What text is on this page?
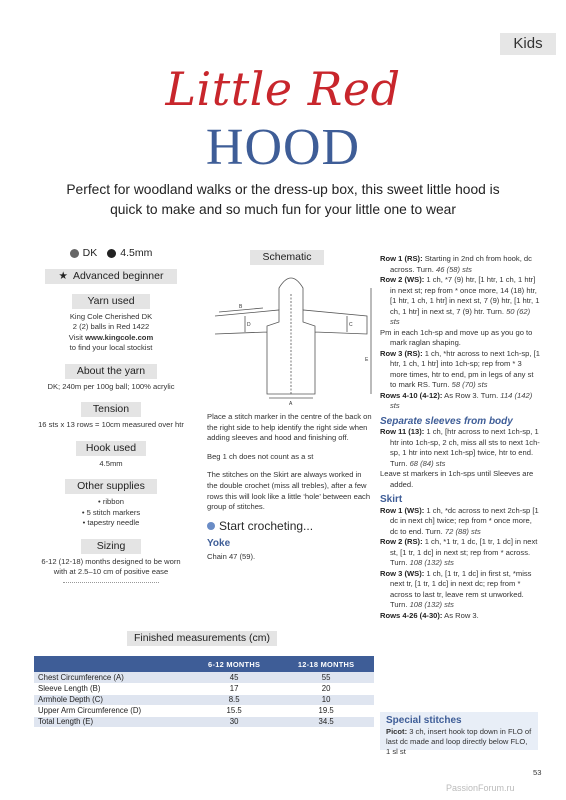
Kids
Little Red
HOOD
Perfect for woodland walks or the dress-up box, this sweet little hood is quick to make and so much fun for your little one to wear
DK 4.5mm
★ Advanced beginner
Yarn used

King Cole Cherished DK

2 (2) balls in Red 1422
Visit www.kingcole.com
to find your local stockist
About the yarn

DK; 240m per 100g ball; 100% acrylic

Tension

16 sts x 13 rows = 10cm measured over htr

Hook used

4.5mm

Other supplies

• ribbon

• 5 stitch markers
• tapestry needle
Sizing

6-12 (12-18) months designed to be worn with at 2.5–10 cm of positive ease

Schematic
A
B
C
D
E

Place a stitch marker in the centre of the back on the right side to help identify the right side when adding sleeves and hood and finishing off.

Beg 1 ch does not count as a st

The stitches on the Skirt are always worked in the double crochet (miss all trebles), after a few rows this will look like a little ‘hole’ between each group of stitches.

Start crocheting...
Yoke
Chain 47 (59).

Row 1 (RS): Starting in 2nd ch from hook, dc across. Turn. 46 (58) sts

Row 2 (WS): 1 ch, *7 (9) htr, [1 htr, 1 ch, 1 htr] in next st; rep from * once more, 14 (18) htr, [1 htr, 1 ch, 1 htr] in next st, 7 (9) htr, [1 htr, 1 ch, 1 htr] in next st, 7 (9) htr. Turn. 50 (62) sts

Pm in each 1ch-sp and move up as you go to mark raglan shaping.

Row 3 (RS): 1 ch, *htr across to next 1ch-sp, [1 htr, 1 ch, 1 htr] into 1ch-sp; rep from * 3 more times, htr to end, pm in legs of any st to mark RS. Turn. 58 (70) sts

Rows 4-10 (4-12): As Row 3. Turn. 114 (142) sts

Separate sleeves from body

Row 11 (13): 1 ch, [htr across to next 1ch-sp, 1 htr into 1ch-sp, 2 ch, miss all sts to next 1ch-sp, 1 htr into next 1ch-sp] twice, htr to end. Turn. 68 (84) sts

Leave st markers in 1ch-sps until Sleeves are added.

Skirt

Row 1 (WS): 1 ch, *dc across to next 2ch-sp [1 dc in next ch] twice; rep from * once more, dc to end. Turn. 72 (88) sts

Row 2 (RS): 1 ch, *1 tr, 1 dc, [1 tr, 1 dc] in next st, [1 tr, 1 dc] in next st; rep from * across. Turn. 108 (132) sts

Row 3 (WS): 1 ch, [1 tr, 1 dc] in first st, *miss next tr, [1 tr, 1 dc] in next dc; rep from * across to last tr, leave rem st unworked. Turn. 108 (132) sts

Rows 4-26 (4-30): As Row 3.

Special stitches
Picot: 3 ch, insert hook top down in FLO of last dc made and loop directly below FLO, 1 sl st
Finished measurements (cm)
	6-12 MONTHS	12-18 MONTHS
Chest Circumference (A)	45	55
Sleeve Length (B)	17	20
Armhole Depth (C)	8.5	10
Upper Arm Circumference (D)	15.5	19.5
Total Length (E)	30	34.5
53
PassionForum.ru
